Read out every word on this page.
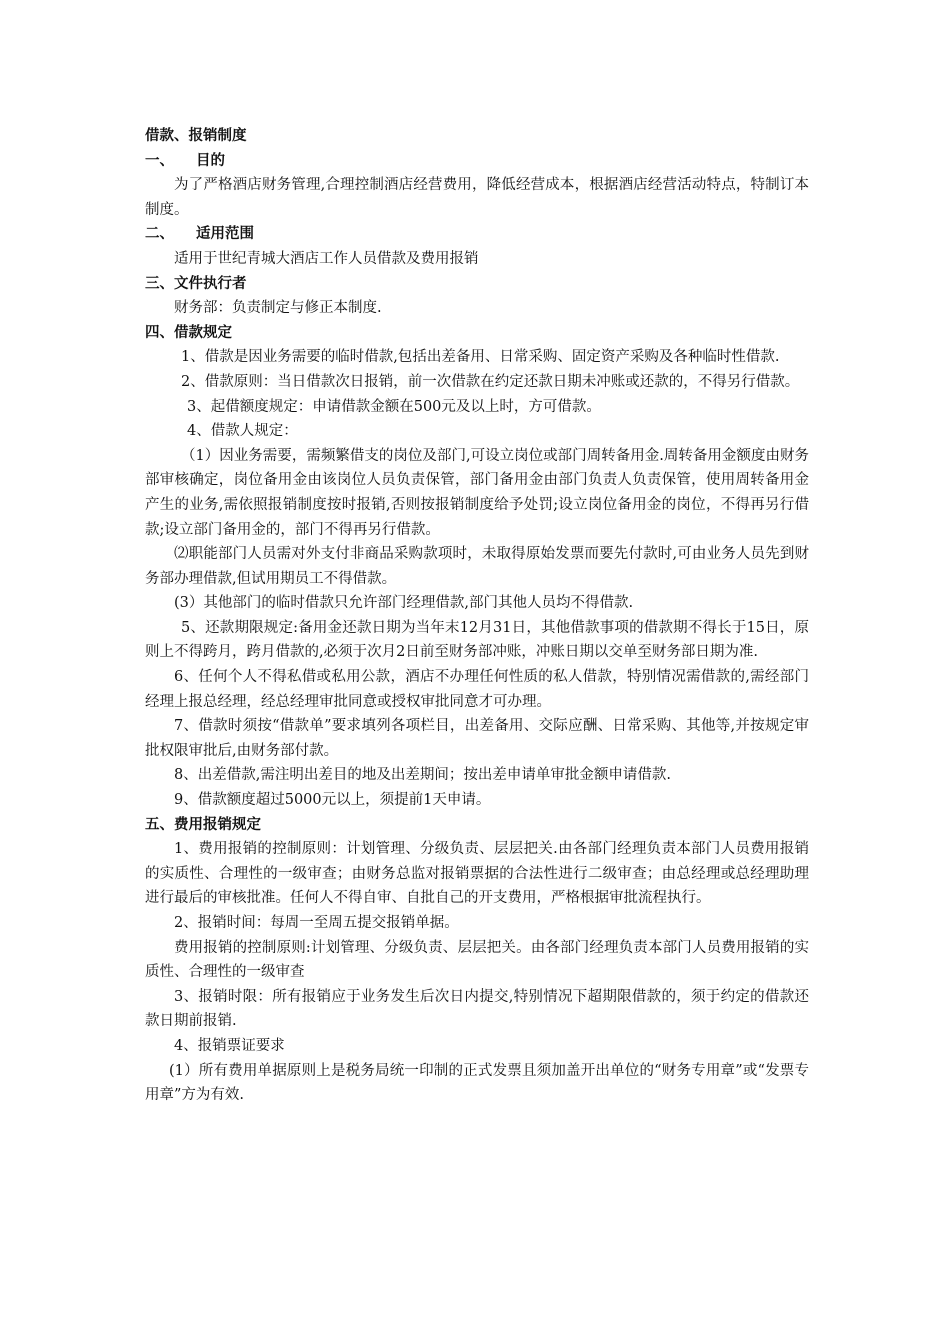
借款、报销制度
一、 目的

为了严格酒店财务管理,合理控制酒店经营费用，降低经营成本，根据酒店经营活动特点，特制订本制度。

二、 适用范围

适用于世纪青城大酒店工作人员借款及费用报销

三、文件执行者

财务部：负责制定与修正本制度.

四、借款规定

1、借款是因业务需要的临时借款,包括出差备用、日常采购、固定资产采购及各种临时性借款.

2、借款原则：当日借款次日报销，前一次借款在约定还款日期未冲账或还款的，不得另行借款。

3、起借额度规定：申请借款金额在500元及以上时，方可借款。

4、借款人规定：

（1）因业务需要，需频繁借支的岗位及部门,可设立岗位或部门周转备用金.周转备用金额度由财务部审核确定，岗位备用金由该岗位人员负责保管，部门备用金由部门负责人负责保管，使用周转备用金产生的业务,需依照报销制度按时报销,否则按报销制度给予处罚;设立岗位备用金的岗位，不得再另行借款;设立部门备用金的，部门不得再另行借款。

⑵职能部门人员需对外支付非商品采购款项时，未取得原始发票而要先付款时,可由业务人员先到财务部办理借款,但试用期员工不得借款。

(3）其他部门的临时借款只允许部门经理借款,部门其他人员均不得借款.

5、还款期限规定:备用金还款日期为当年末12月31日，其他借款事项的借款期不得长于15日，原则上不得跨月，跨月借款的,必须于次月2日前至财务部冲账，冲账日期以交单至财务部日期为准.

6、任何个人不得私借或私用公款，酒店不办理任何性质的私人借款，特别情况需借款的,需经部门经理上报总经理，经总经理审批同意或授权审批同意才可办理。

7、借款时须按“借款单”要求填列各项栏目，出差备用、交际应酬、日常采购、其他等,并按规定审批权限审批后,由财务部付款。

8、出差借款,需注明出差目的地及出差期间；按出差申请单审批金额申请借款.

9、借款额度超过5000元以上，须提前1天申请。

五、费用报销规定

1、费用报销的控制原则：计划管理、分级负责、层层把关.由各部门经理负责本部门人员费用报销的实质性、合理性的一级审查；由财务总监对报销票据的合法性进行二级审查；由总经理或总经理助理进行最后的审核批准。任何人不得自审、自批自己的开支费用，严格根据审批流程执行。

2、报销时间：每周一至周五提交报销单据。

费用报销的控制原则:计划管理、分级负责、层层把关。由各部门经理负责本部门人员费用报销的实质性、合理性的一级审查

3、报销时限：所有报销应于业务发生后次日内提交,特别情况下超期限借款的，须于约定的借款还款日期前报销.

4、报销票证要求

(1）所有费用单据原则上是税务局统一印制的正式发票且须加盖开出单位的“财务专用章”或“发票专用章”方为有效.
